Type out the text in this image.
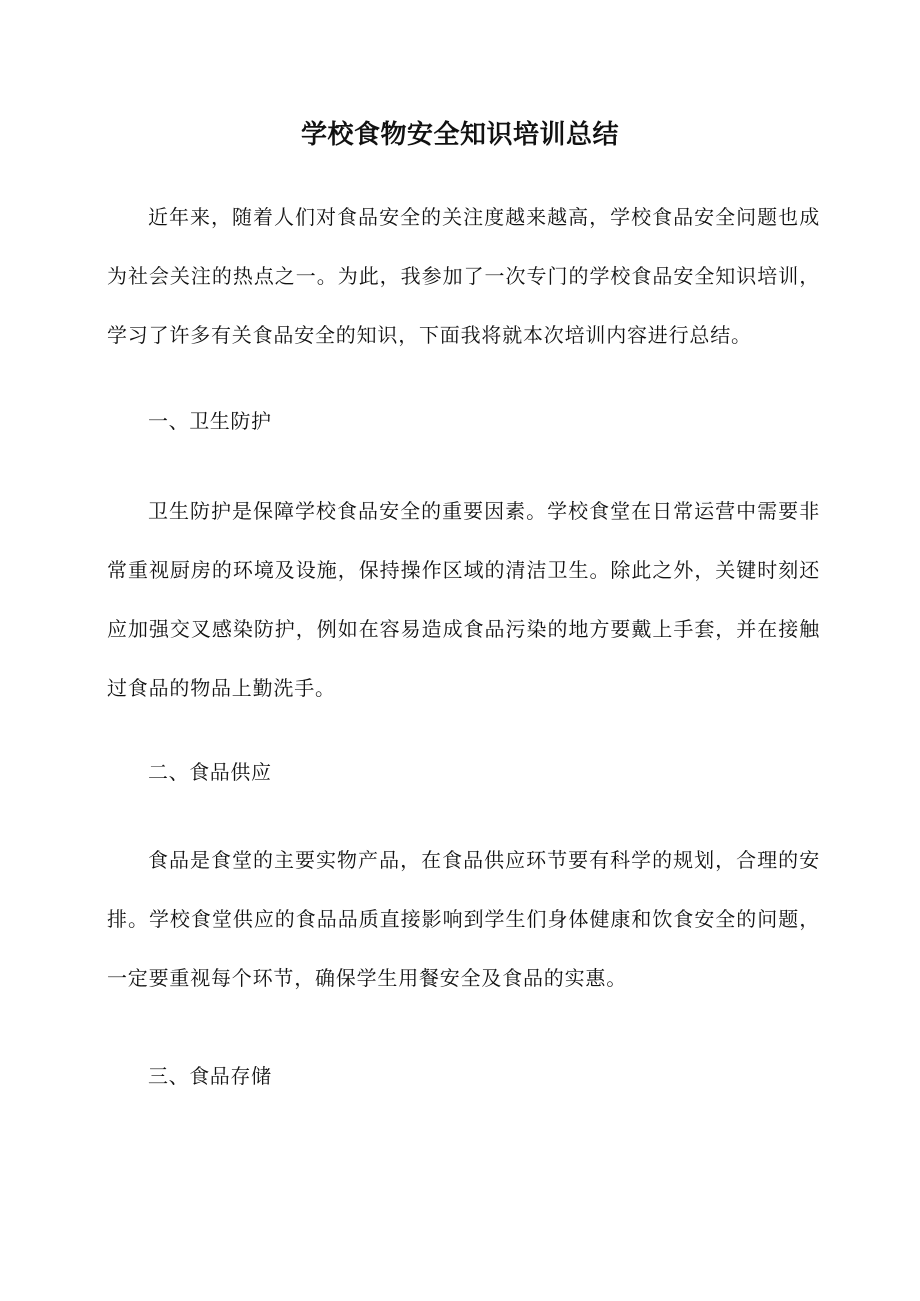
学校食物安全知识培训总结

近年来，随着人们对食品安全的关注度越来越高，学校食品安全问题也成为社会关注的热点之一。为此，我参加了一次专门的学校食品安全知识培训，学习了许多有关食品安全的知识，下面我将就本次培训内容进行总结。

一、卫生防护

卫生防护是保障学校食品安全的重要因素。学校食堂在日常运营中需要非常重视厨房的环境及设施，保持操作区域的清洁卫生。除此之外，关键时刻还应加强交叉感染防护，例如在容易造成食品污染的地方要戴上手套，并在接触过食品的物品上勤洗手。

二、食品供应

食品是食堂的主要实物产品，在食品供应环节要有科学的规划，合理的安排。学校食堂供应的食品品质直接影响到学生们身体健康和饮食安全的问题，一定要重视每个环节，确保学生用餐安全及食品的实惠。

三、食品存储
